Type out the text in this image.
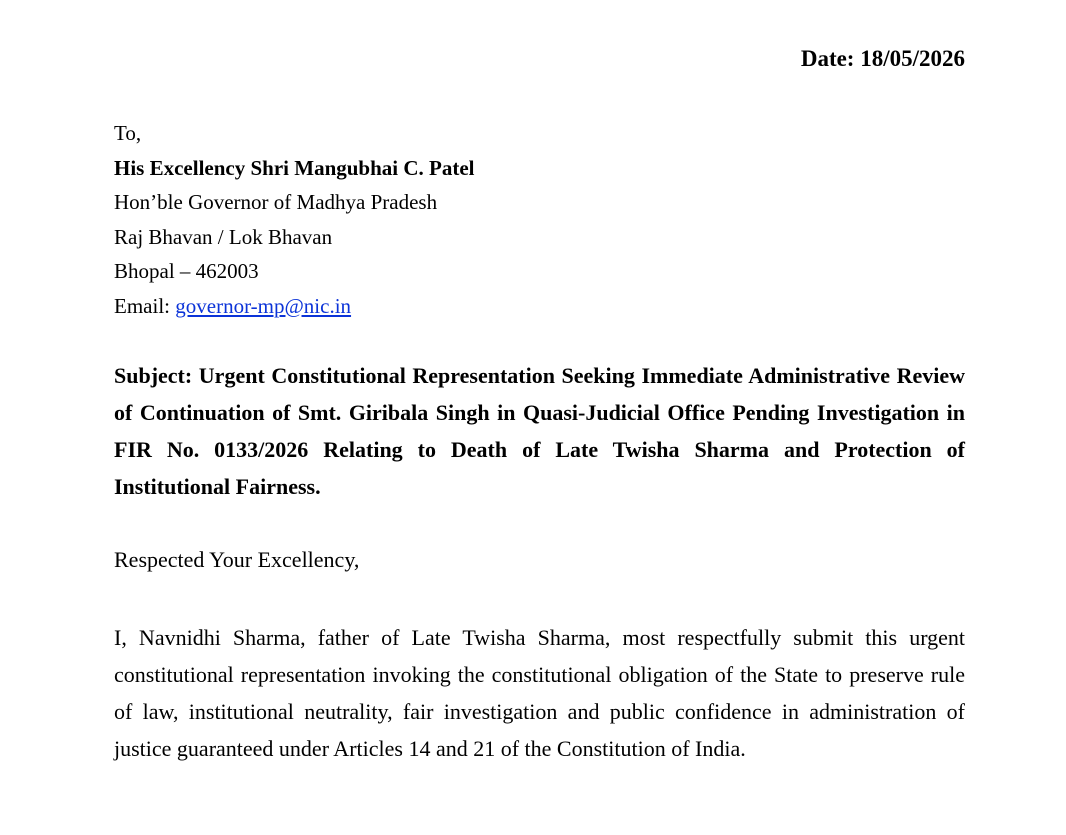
Date: 18/05/2026
To,
His Excellency Shri Mangubhai C. Patel
Hon’ble Governor of Madhya Pradesh
Raj Bhavan / Lok Bhavan
Bhopal – 462003
Email: governor-mp@nic.in
Subject: Urgent Constitutional Representation Seeking Immediate Administrative Review of Continuation of Smt. Giribala Singh in Quasi-Judicial Office Pending Investigation in FIR No. 0133/2026 Relating to Death of Late Twisha Sharma and Protection of Institutional Fairness.
Respected Your Excellency,
I, Navnidhi Sharma, father of Late Twisha Sharma, most respectfully submit this urgent constitutional representation invoking the constitutional obligation of the State to preserve rule of law, institutional neutrality, fair investigation and public confidence in administration of justice guaranteed under Articles 14 and 21 of the Constitution of India.
